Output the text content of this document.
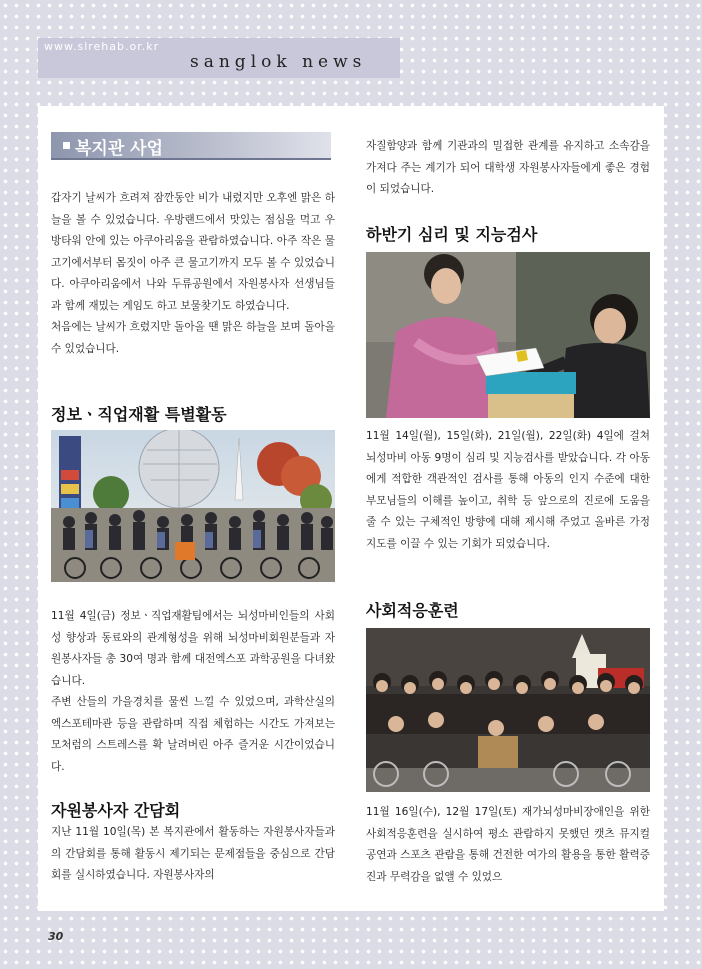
www.slrehab.or.kr
sanglok news
복지관 사업

갑자기 날씨가 흐려져 잠깐동안 비가 내렸지만 오후엔 맑은 하늘을 볼 수 있었습니다. 우방랜드에서 맛있는 점심을 먹고 우방타워 안에 있는 아쿠아리움을 관람하였습니다. 아주 작은 물고기에서부터 몸짓이 아주 큰 물고기까지 모두 볼 수 있었습니다. 아쿠아리움에서 나와 두류공원에서 자원봉사자 선생님들과 함께 재밌는 게임도 하고 보물찾기도 하였습니다.

처음에는 날씨가 흐렸지만 돌아올 땐 맑은 하늘을 보며 돌아올 수 있었습니다.

정보ㆍ직업재활 특별활동

11월 4일(금) 정보ㆍ직업재활팀에서는 뇌성마비인들의 사회성 향상과 동료와의 관계형성을 위해 뇌성마비회원분들과 자원봉사자들 총 30여 명과 함께 대전엑스포 과학공원을 다녀왔습니다.

주변 산들의 가을경치를 물씬 느낄 수 있었으며, 과학산실의 엑스포테마관 등을 관람하며 직접 체험하는 시간도 가져보는 모처럼의 스트레스를 확 날려버린 아주 즐거운 시간이었습니다.

자원봉사자 간담회

지난 11월 10일(목) 본 복지관에서 활동하는 자원봉사자들과의 간담회를 통해 활동시 제기되는 문제점들을 중심으로 간담회를 실시하였습니다. 자원봉사자의

자질함양과 함께 기관과의 밀접한 관계를 유지하고 소속감을 가져다 주는 계기가 되어 대학생 자원봉사자들에게 좋은 경험이 되었습니다.

하반기 심리 및 지능검사

11월 14일(월), 15일(화), 21일(월), 22일(화) 4일에 걸쳐 뇌성마비 아동 9명이 심리 및 지능검사를 받았습니다. 각 아동에게 적합한 객관적인 검사를 통해 아동의 인지 수준에 대한 부모님들의 이해를 높이고, 취학 등 앞으로의 진로에 도움을 줄 수 있는 구체적인 방향에 대해 제시해 주었고 올바른 가정 지도를 이끌 수 있는 기회가 되었습니다.

사회적응훈련

11월 16일(수), 12월 17일(토) 재가뇌성마비장애인을 위한 사회적응훈련을 실시하여 평소 관람하지 못했던 캣츠 뮤지컬 공연과 스포츠 관람을 통해 건전한 여가의 활용을 통한 활력증진과 무력감을 없앨 수 있었으

30
